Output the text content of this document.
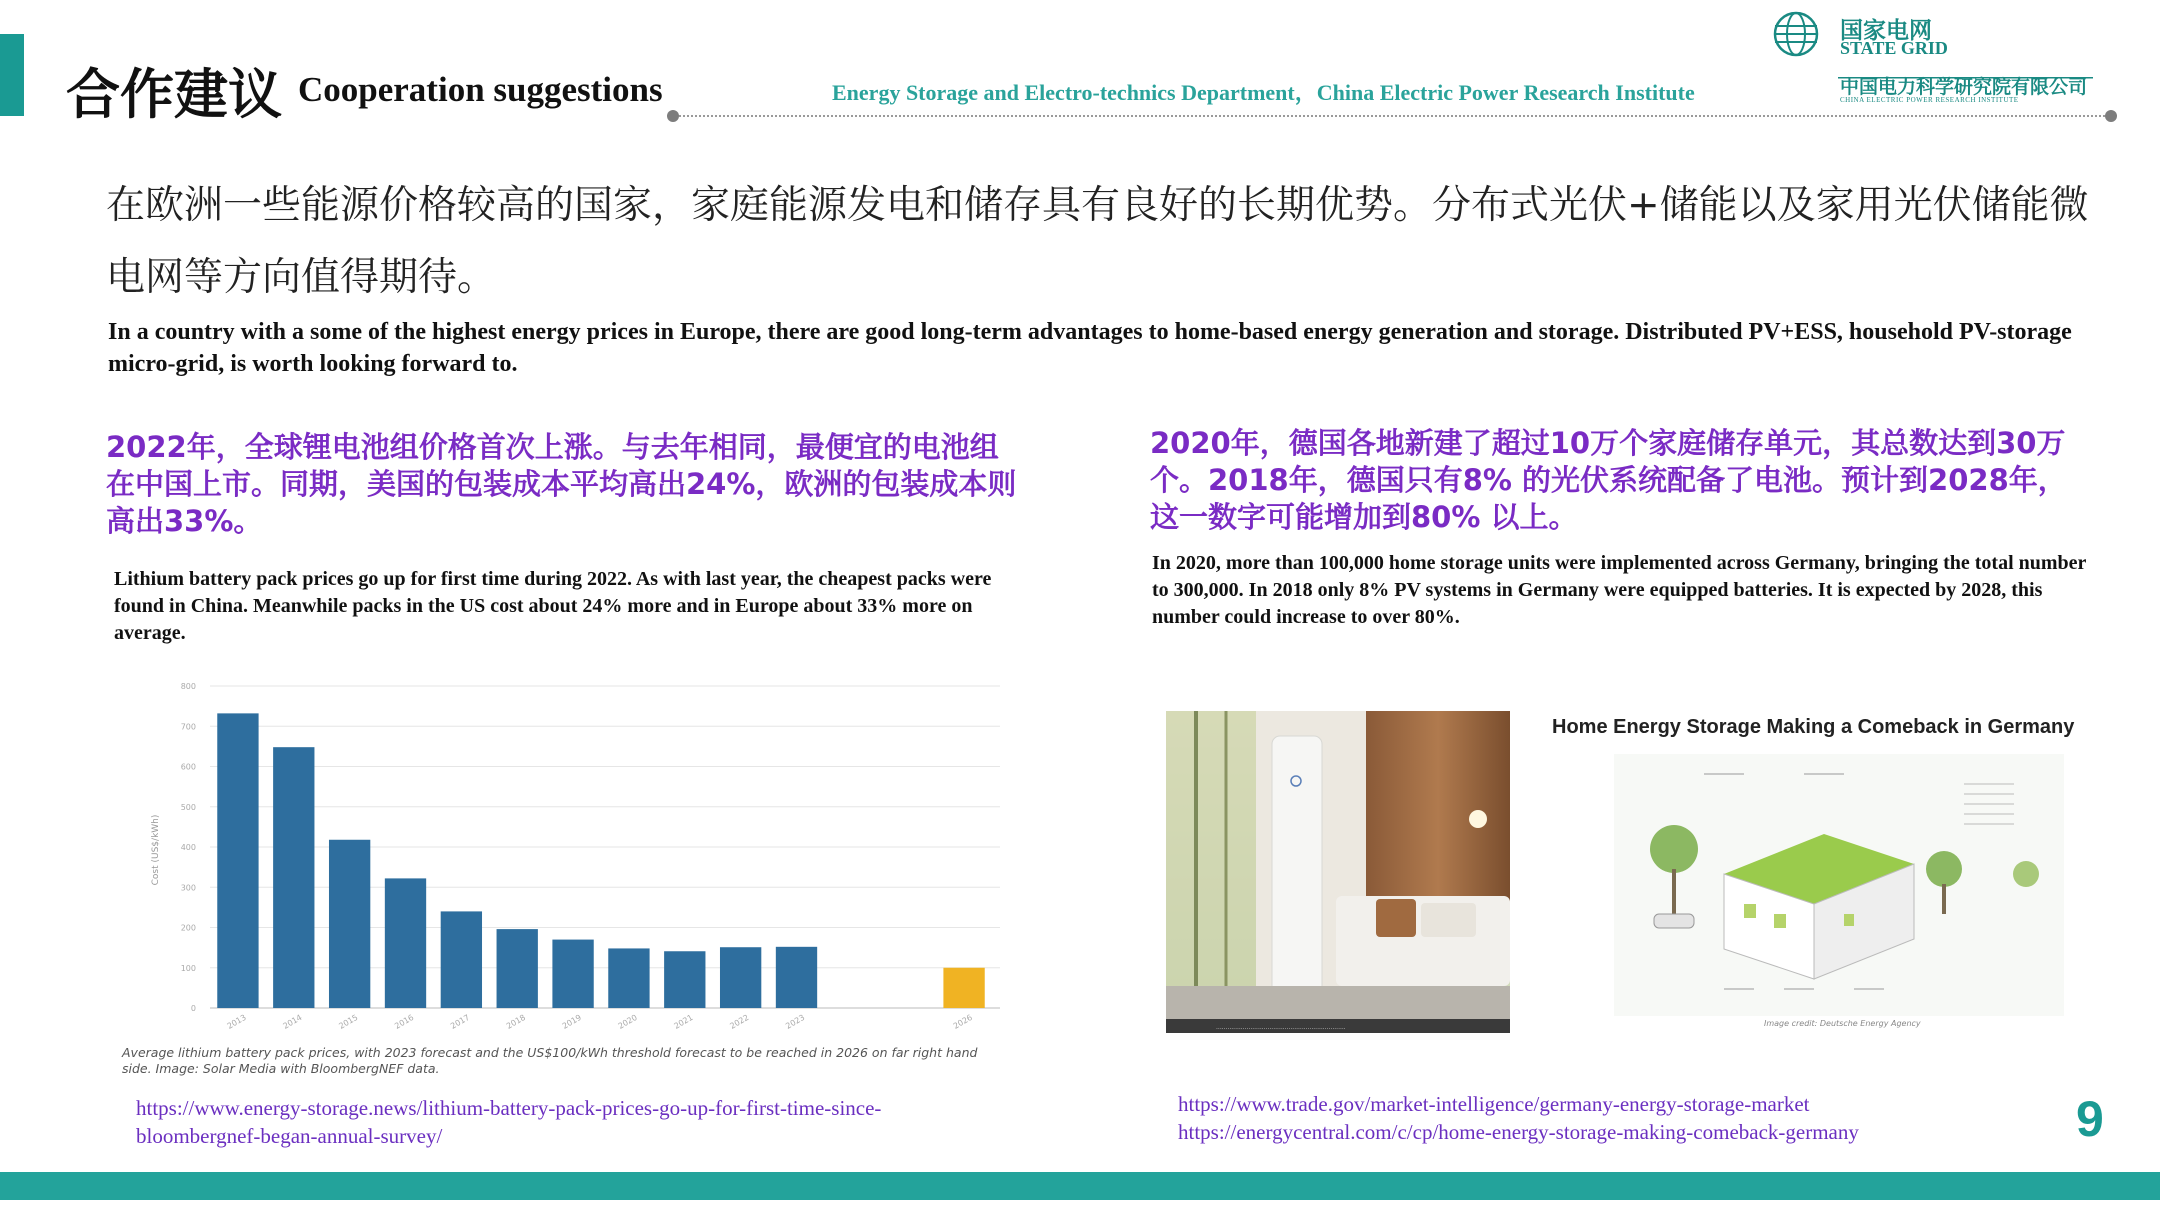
合作建议 Cooperation suggestions	Energy Storage and Electro-technics Department，China Electric Power Research Institute
国家电网
STATE GRID
中国电力科学研究院有限公司
CHINA ELECTRIC POWER RESEARCH INSTITUTE
在欧洲一些能源价格较高的国家，家庭能源发电和储存具有良好的长期优势。分布式光伏+储能以及家用光伏储能微电网等方向值得期待。
In a country with a some of the highest energy prices in Europe, there are good long-term advantages to home-based energy generation and storage. Distributed PV+ESS, household PV-storage micro-grid, is worth looking forward to.
2022年，全球锂电池组价格首次上涨。与去年相同，最便宜的电池组在中国上市。同期，美国的包装成本平均高出24%，欧洲的包装成本则高出33%。
Lithium battery pack prices go up for first time during 2022. As with last year, the cheapest packs were found in China. Meanwhile packs in the US cost about 24% more and in Europe about 33% more on average.
0
100
200
300
400
500
600
700
800
2013	2014	2015	2016	2017	2018	2019	2020	2021	2022	2023	2026
Cost (US$/kWh)
Average lithium battery pack prices, with 2023 forecast and the US$100/kWh threshold forecast to be reached in 2026 on far right hand side. Image: Solar Media with BloombergNEF data.
https://www.energy-storage.news/lithium-battery-pack-prices-go-up-for-first-time-since-bloombergnef-began-annual-survey/
2020年，德国各地新建了超过10万个家庭储存单元，其总数达到30万个。2018年，德国只有8% 的光伏系统配备了电池。预计到2028年，这一数字可能增加到80% 以上。
In 2020, more than 100,000 home storage units were implemented across Germany, bringing the total number to 300,000. In 2018 only 8% PV systems in Germany were equipped batteries. It is expected by 2028, this number could increase to over 80%.
....................................................................
Home Energy Storage Making a Comeback in Germany
Image credit: Deutsche Energy Agency
https://www.trade.gov/market-intelligence/germany-energy-storage-market
https://energycentral.com/c/cp/home-energy-storage-making-comeback-germany	9
